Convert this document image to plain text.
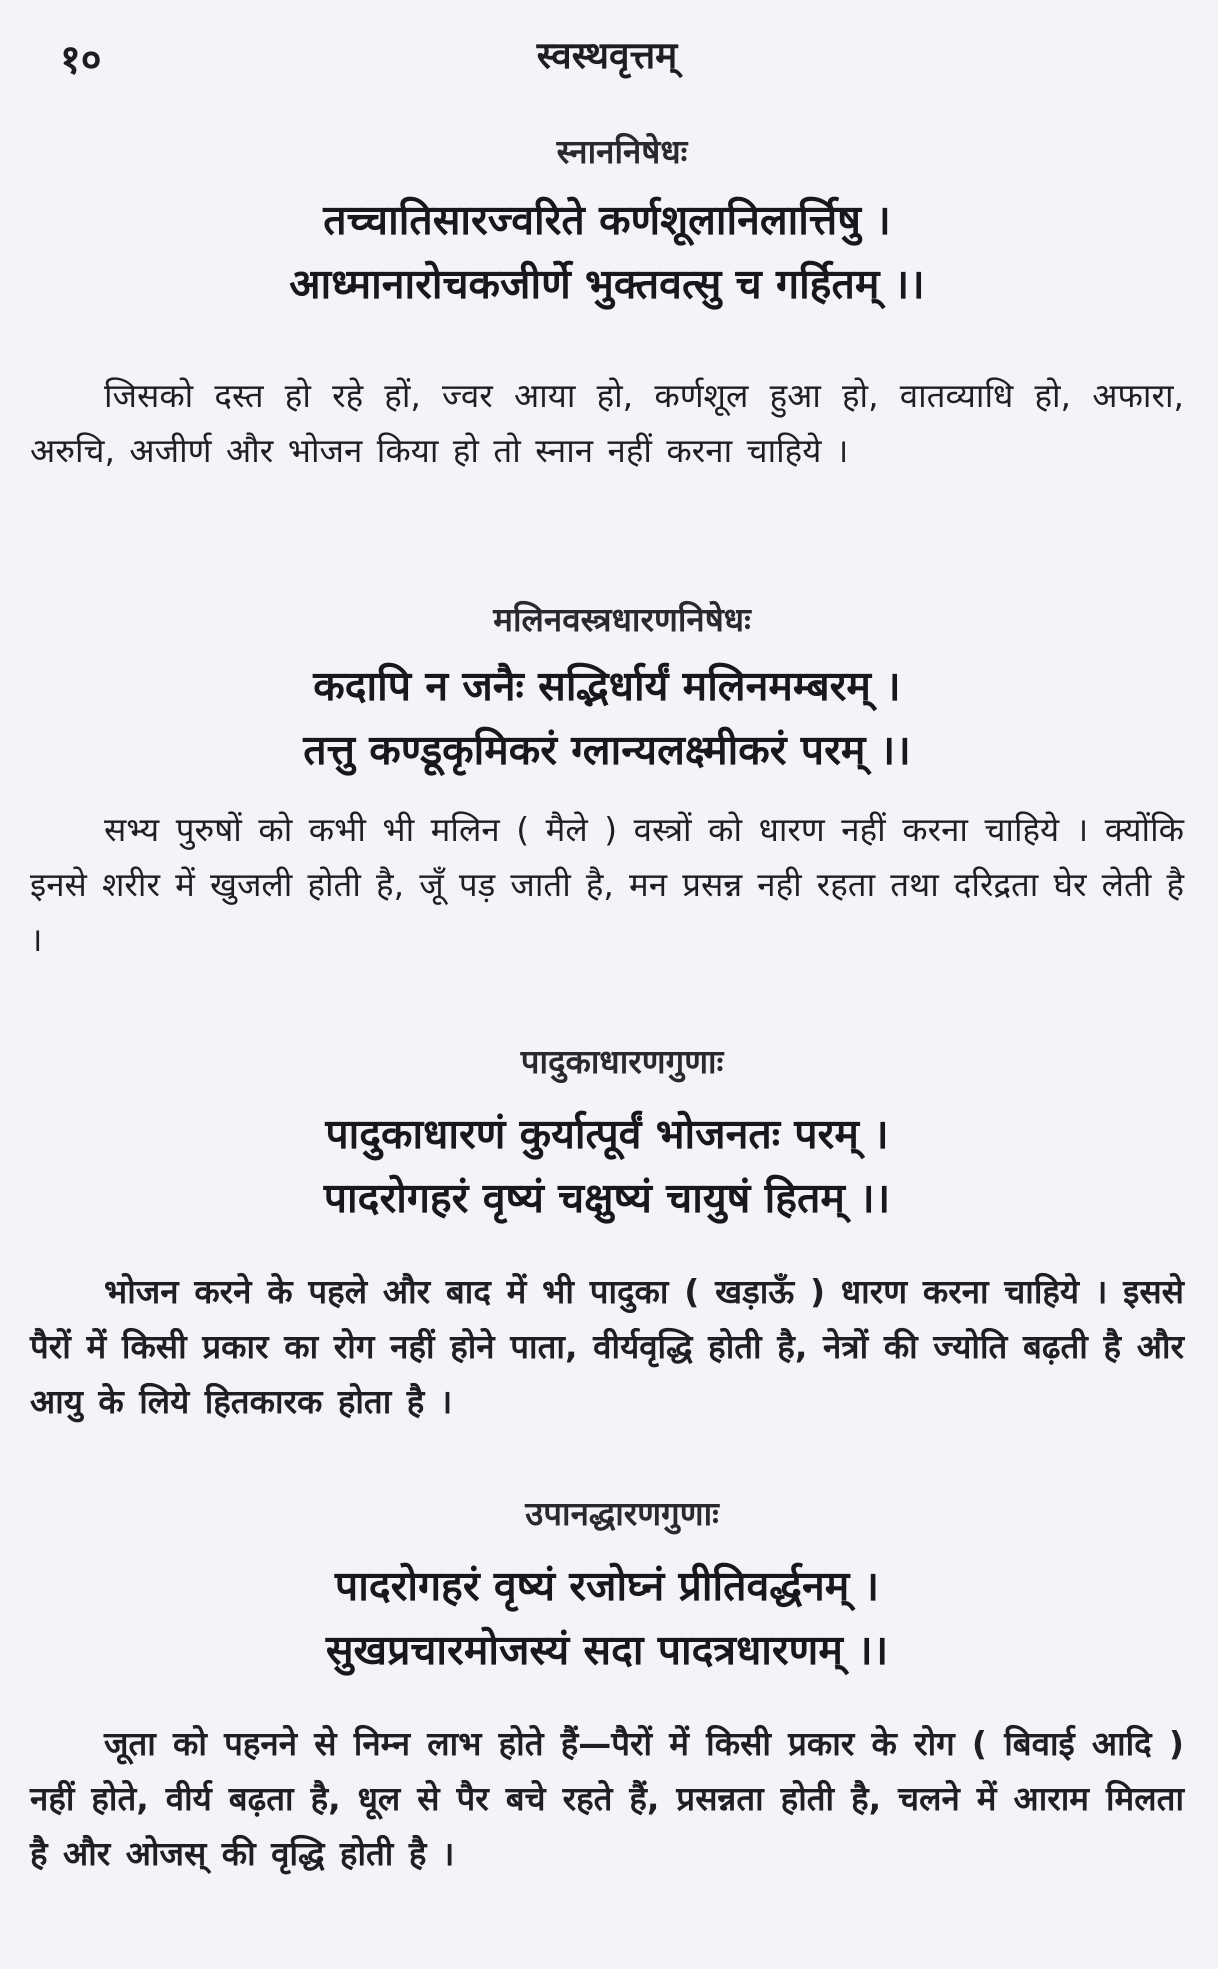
१०	स्वस्थवृत्तम्
स्नाननिषेधः
तच्चातिसारज्वरिते कर्णशूलानिलार्त्तिषु ।
आध्मानारोचकजीर्णे भुक्तवत्सु च गर्हितम् ।।

जिसको दस्त हो रहे हों, ज्वर आया हो, कर्णशूल हुआ हो, वातव्याधि हो, अफारा, अरुचि, अजीर्ण और भोजन किया हो तो स्नान नहीं करना चाहिये ।

मलिनवस्त्रधारणनिषेधः
कदापि न जनैः सद्भिर्धार्यं मलिनमम्बरम् ।
तत्तु कण्डूकृमिकरं ग्लान्यलक्ष्मीकरं परम् ।।

सभ्य पुरुषों को कभी भी मलिन ( मैले ) वस्त्रों को धारण नहीं करना चाहिये । क्योंकि इनसे शरीर में खुजली होती है, जूँ पड़ जाती है, मन प्रसन्न नही रहता तथा दरिद्रता घेर लेती है ।

पादुकाधारणगुणाः
पादुकाधारणं कुर्यात्पूर्वं भोजनतः परम् ।
पादरोगहरं वृष्यं चक्षुष्यं चायुषं हितम् ।।

भोजन करने के पहले और बाद में भी पादुका ( खड़ाऊँ ) धारण करना चाहिये । इससे पैरों में किसी प्रकार का रोग नहीं होने पाता, वीर्यवृद्धि होती है, नेत्रों की ज्योति बढ़ती है और आयु के लिये हितकारक होता है ।

उपानद्धारणगुणाः
पादरोगहरं वृष्यं रजोघ्नं प्रीतिवर्द्धनम् ।
सुखप्रचारमोजस्यं सदा पादत्रधारणम् ।।

जूता को पहनने से निम्न लाभ होते हैं—पैरों में किसी प्रकार के रोग ( बिवाई आदि ) नहीं होते, वीर्य बढ़ता है, धूल से पैर बचे रहते हैं, प्रसन्नता होती है, चलने में आराम मिलता है और ओजस् की वृद्धि होती है ।
